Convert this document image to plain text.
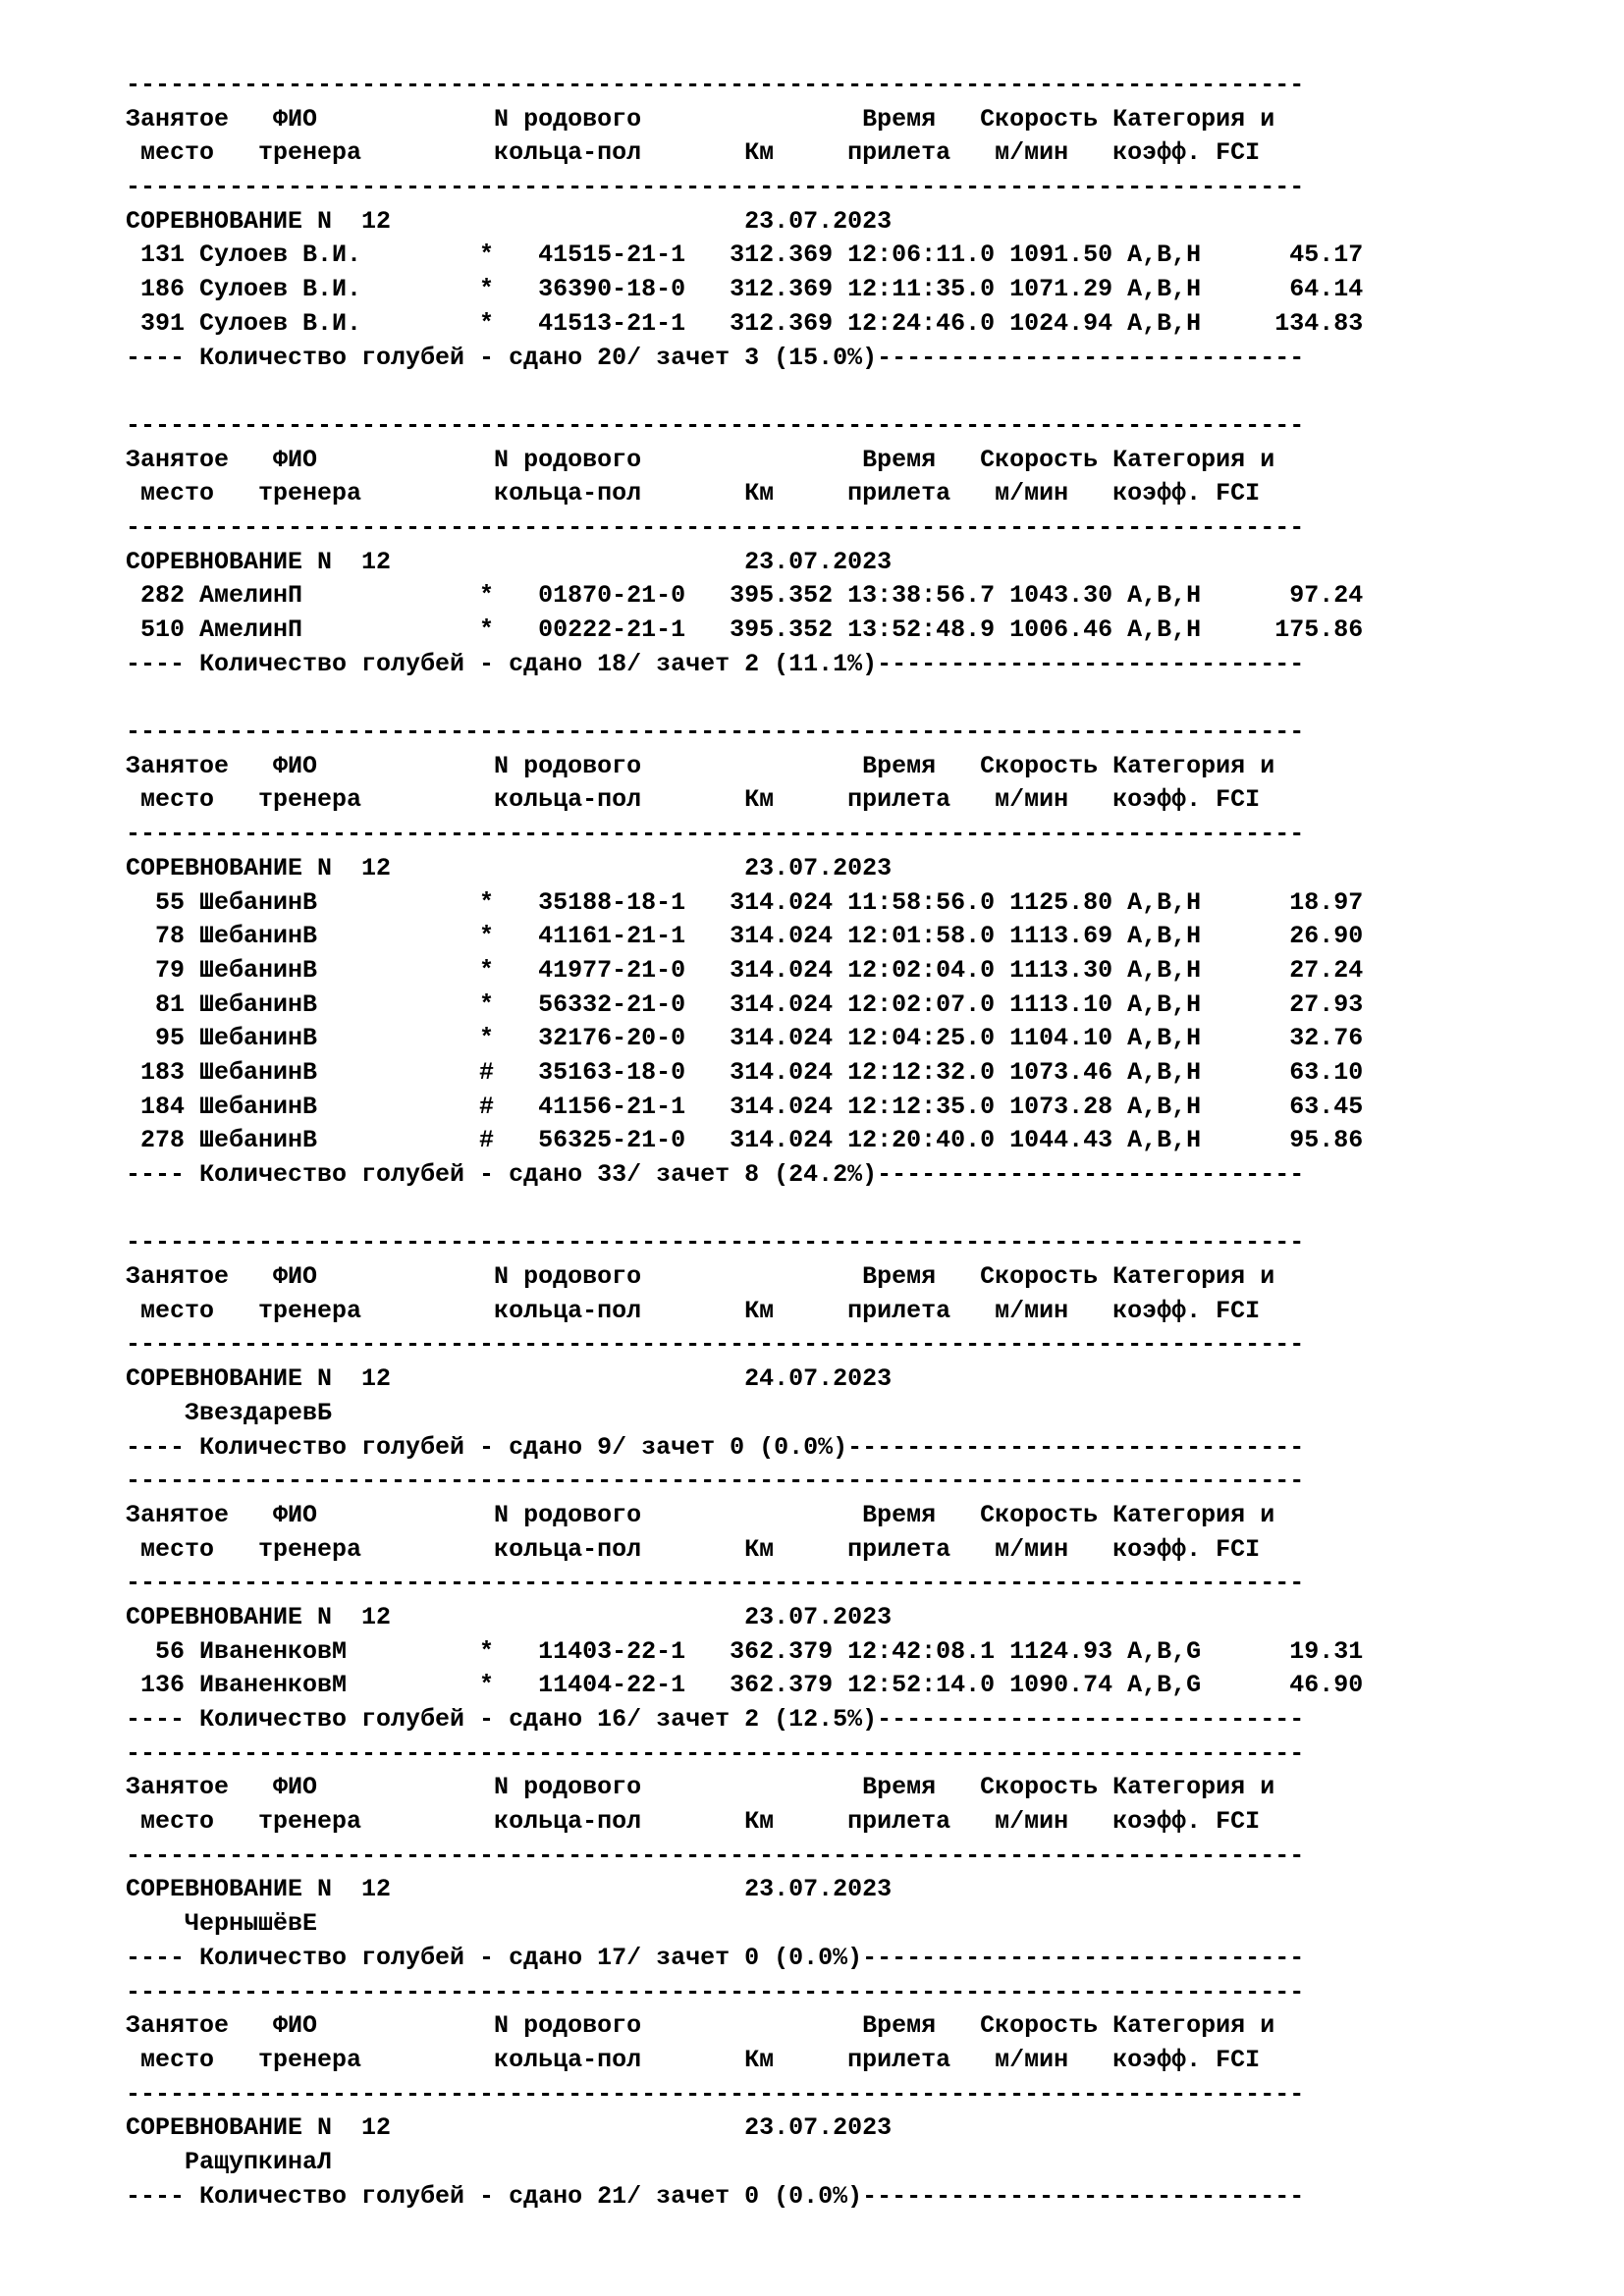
--------------------------------------------------------------------------------
Занятое   ФИО            N родового               Время   Скорость Категория и
место   тренера         кольца-пол       Км     прилета   м/мин   коэфф. FCI
--------------------------------------------------------------------------------
СОРЕВНОВАНИЕ N  12                        23.07.2023
131 Сулоев В.И.        *   41515-21-1   312.369 12:06:11.0 1091.50 A,B,H      45.17
186 Сулоев В.И.        *   36390-18-0   312.369 12:11:35.0 1071.29 A,B,H      64.14
391 Сулоев В.И.        *   41513-21-1   312.369 12:24:46.0 1024.94 A,B,H     134.83
---- Количество голубей - сдано 20/ зачет 3 (15.0%)-----------------------------

--------------------------------------------------------------------------------
Занятое   ФИО            N родового               Время   Скорость Категория и
место   тренера         кольца-пол       Км     прилета   м/мин   коэфф. FCI
--------------------------------------------------------------------------------
СОРЕВНОВАНИЕ N  12                        23.07.2023
282 АмелинП            *   01870-21-0   395.352 13:38:56.7 1043.30 A,B,H      97.24
510 АмелинП            *   00222-21-1   395.352 13:52:48.9 1006.46 A,B,H     175.86
---- Количество голубей - сдано 18/ зачет 2 (11.1%)-----------------------------

--------------------------------------------------------------------------------
Занятое   ФИО            N родового               Время   Скорость Категория и
место   тренера         кольца-пол       Км     прилета   м/мин   коэфф. FCI
--------------------------------------------------------------------------------
СОРЕВНОВАНИЕ N  12                        23.07.2023
55 ШебанинВ           *   35188-18-1   314.024 11:58:56.0 1125.80 A,B,H      18.97
78 ШебанинВ           *   41161-21-1   314.024 12:01:58.0 1113.69 A,B,H      26.90
79 ШебанинВ           *   41977-21-0   314.024 12:02:04.0 1113.30 A,B,H      27.24
81 ШебанинВ           *   56332-21-0   314.024 12:02:07.0 1113.10 A,B,H      27.93
95 ШебанинВ           *   32176-20-0   314.024 12:04:25.0 1104.10 A,B,H      32.76
183 ШебанинВ           #   35163-18-0   314.024 12:12:32.0 1073.46 A,B,H      63.10
184 ШебанинВ           #   41156-21-1   314.024 12:12:35.0 1073.28 A,B,H      63.45
278 ШебанинВ           #   56325-21-0   314.024 12:20:40.0 1044.43 A,B,H      95.86
---- Количество голубей - сдано 33/ зачет 8 (24.2%)-----------------------------

--------------------------------------------------------------------------------
Занятое   ФИО            N родового               Время   Скорость Категория и
место   тренера         кольца-пол       Км     прилета   м/мин   коэфф. FCI
--------------------------------------------------------------------------------
СОРЕВНОВАНИЕ N  12                        24.07.2023
ЗвездаревБ
---- Количество голубей - сдано 9/ зачет 0 (0.0%)-------------------------------
--------------------------------------------------------------------------------
Занятое   ФИО            N родового               Время   Скорость Категория и
место   тренера         кольца-пол       Км     прилета   м/мин   коэфф. FCI
--------------------------------------------------------------------------------
СОРЕВНОВАНИЕ N  12                        23.07.2023
56 ИваненковМ         *   11403-22-1   362.379 12:42:08.1 1124.93 A,B,G      19.31
136 ИваненковМ         *   11404-22-1   362.379 12:52:14.0 1090.74 A,B,G      46.90
---- Количество голубей - сдано 16/ зачет 2 (12.5%)-----------------------------
--------------------------------------------------------------------------------
Занятое   ФИО            N родового               Время   Скорость Категория и
место   тренера         кольца-пол       Км     прилета   м/мин   коэфф. FCI
--------------------------------------------------------------------------------
СОРЕВНОВАНИЕ N  12                        23.07.2023
ЧернышёвЕ
---- Количество голубей - сдано 17/ зачет 0 (0.0%)------------------------------
--------------------------------------------------------------------------------
Занятое   ФИО            N родового               Время   Скорость Категория и
место   тренера         кольца-пол       Км     прилета   м/мин   коэфф. FCI
--------------------------------------------------------------------------------
СОРЕВНОВАНИЕ N  12                        23.07.2023
РащупкинаЛ
---- Количество голубей - сдано 21/ зачет 0 (0.0%)------------------------------
